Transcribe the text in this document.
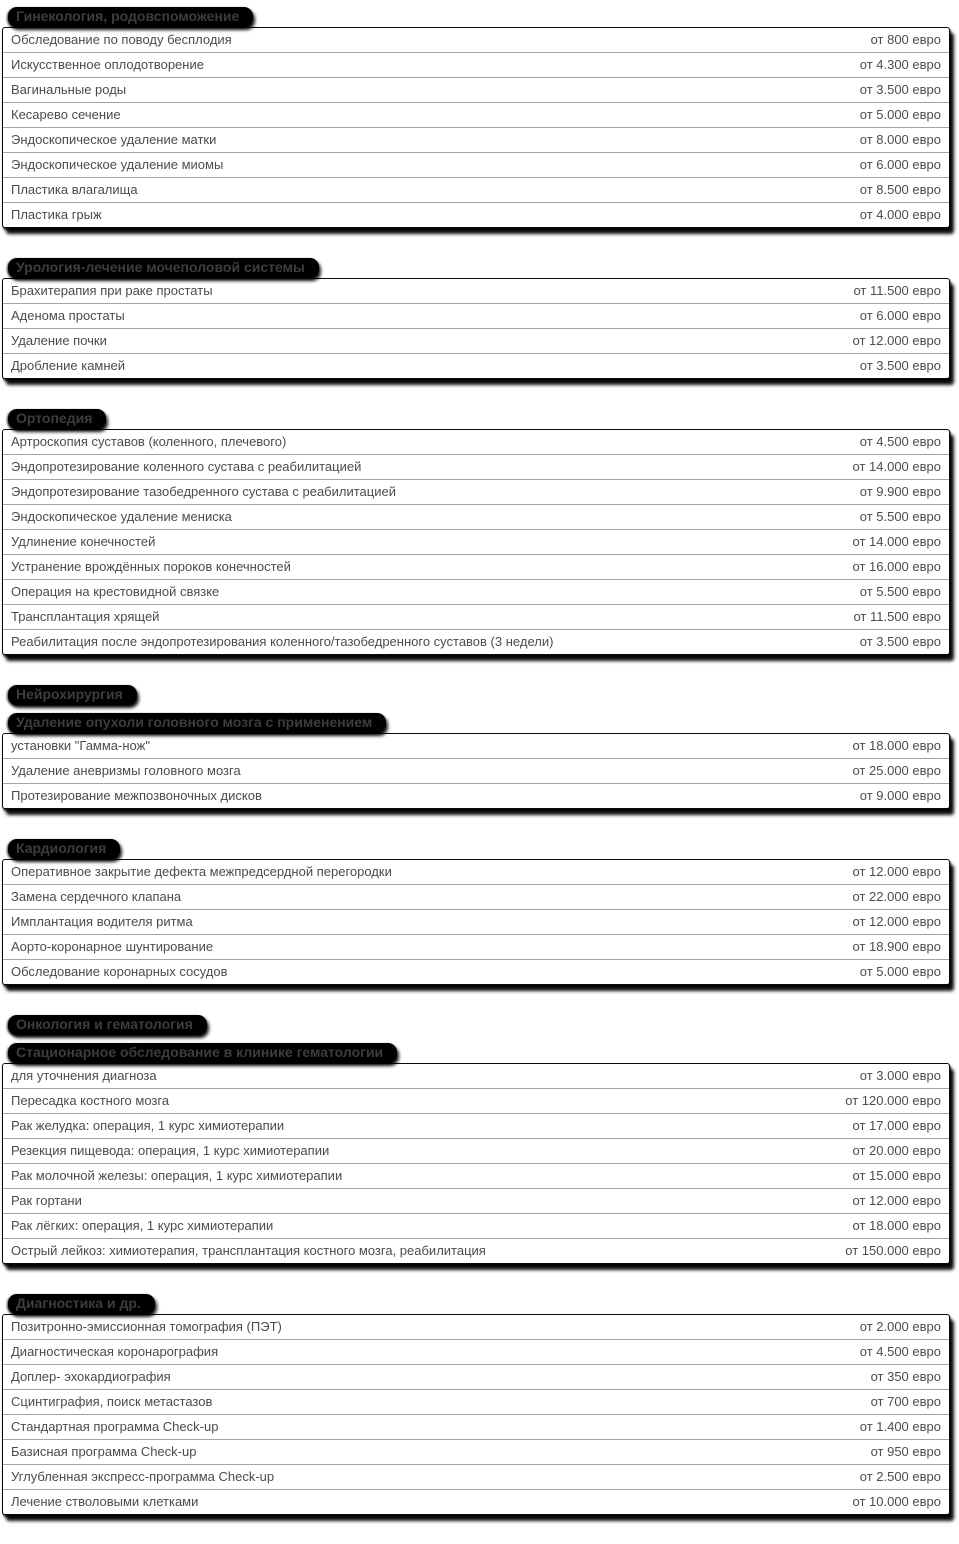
Гинекология, родовспоможение
Обследование по поводу бесплодия	от 800 евро
Искусственное оплодотворение	от 4.300 евро
Вагинальные роды	от 3.500 евро
Кесарево сечение	от 5.000 евро
Эндоскопическое удаление матки	от 8.000 евро
Эндоскопическое удаление миомы	от 6.000 евро
Пластика влагалища	от 8.500 евро
Пластика грыж	от 4.000 евро
Урология-лечение мочеполовой системы
Брахитерапия при раке простаты	от 11.500 евро
Аденома простаты	от 6.000 евро
Удаление почки	от 12.000 евро
Дробление камней	от 3.500 евро
Ортопедия
Артроскопия суставов (коленного, плечевого)	от 4.500 евро
Эндопротезирование коленного сустава с реабилитацией	от 14.000 евро
Эндопротезирование тазобедренного сустава с реабилитацией	от 9.900 евро
Эндоскопическое удаление мениска	от 5.500 евро
Удлинение конечностей	от 14.000 евро
Устранение врождённых пороков конечностей	от 16.000 евро
Операция на крестовидной связке	от 5.500 евро
Трансплантация хрящей	от 11.500 евро
Реабилитация после эндопротезирования коленного/тазобедренного суставов (3 недели)	от 3.500 евро
Нейрохирургия
Удаление опухоли головного мозга с применением
установки "Гамма-нож"	от 18.000 евро
Удаление аневризмы головного мозга	от 25.000 евро
Протезирование межпозвоночных дисков	от 9.000 евро
Кардиология
Оперативное закрытие дефекта межпредсердной перегородки	от 12.000 евро
Замена сердечного клапана	от 22.000 евро
Имплантация водителя ритма	от 12.000 евро
Аорто-коронарное шунтирование	от 18.900 евро
Обследование коронарных сосудов	от 5.000 евро
Онкология и гематология
Стационарное обследование в клинике гематологии
для уточнения диагноза	от 3.000 евро
Пересадка костного мозга	от 120.000 евро
Рак желудка: операция, 1 курс химиотерапии	от 17.000 евро
Резекция пищевода: операция, 1 курс химиотерапии	от 20.000 евро
Рак молочной железы: операция, 1 курс химиотерапии	от 15.000 евро
Рак гортани	от 12.000 евро
Рак лёгких: операция, 1 курс химиотерапии	от 18.000 евро
Острый лейкоз: химиотерапия, трансплантация костного мозга, реабилитация	от 150.000 евро
Диагностика и др.
Позитронно-эмиссионная томография (ПЭТ)	от 2.000 евро
Диагностическая коронарография	от 4.500 евро
Доплер- эхокардиография	от 350 евро
Сцинтиграфия, поиск метастазов	от 700 евро
Стандартная программа Check-up	от 1.400 евро
Базисная программа Check-up	от 950 евро
Углубленная экспресс-программа Check-up	от 2.500 евро
Лечение стволовыми клетками	от 10.000 евро
